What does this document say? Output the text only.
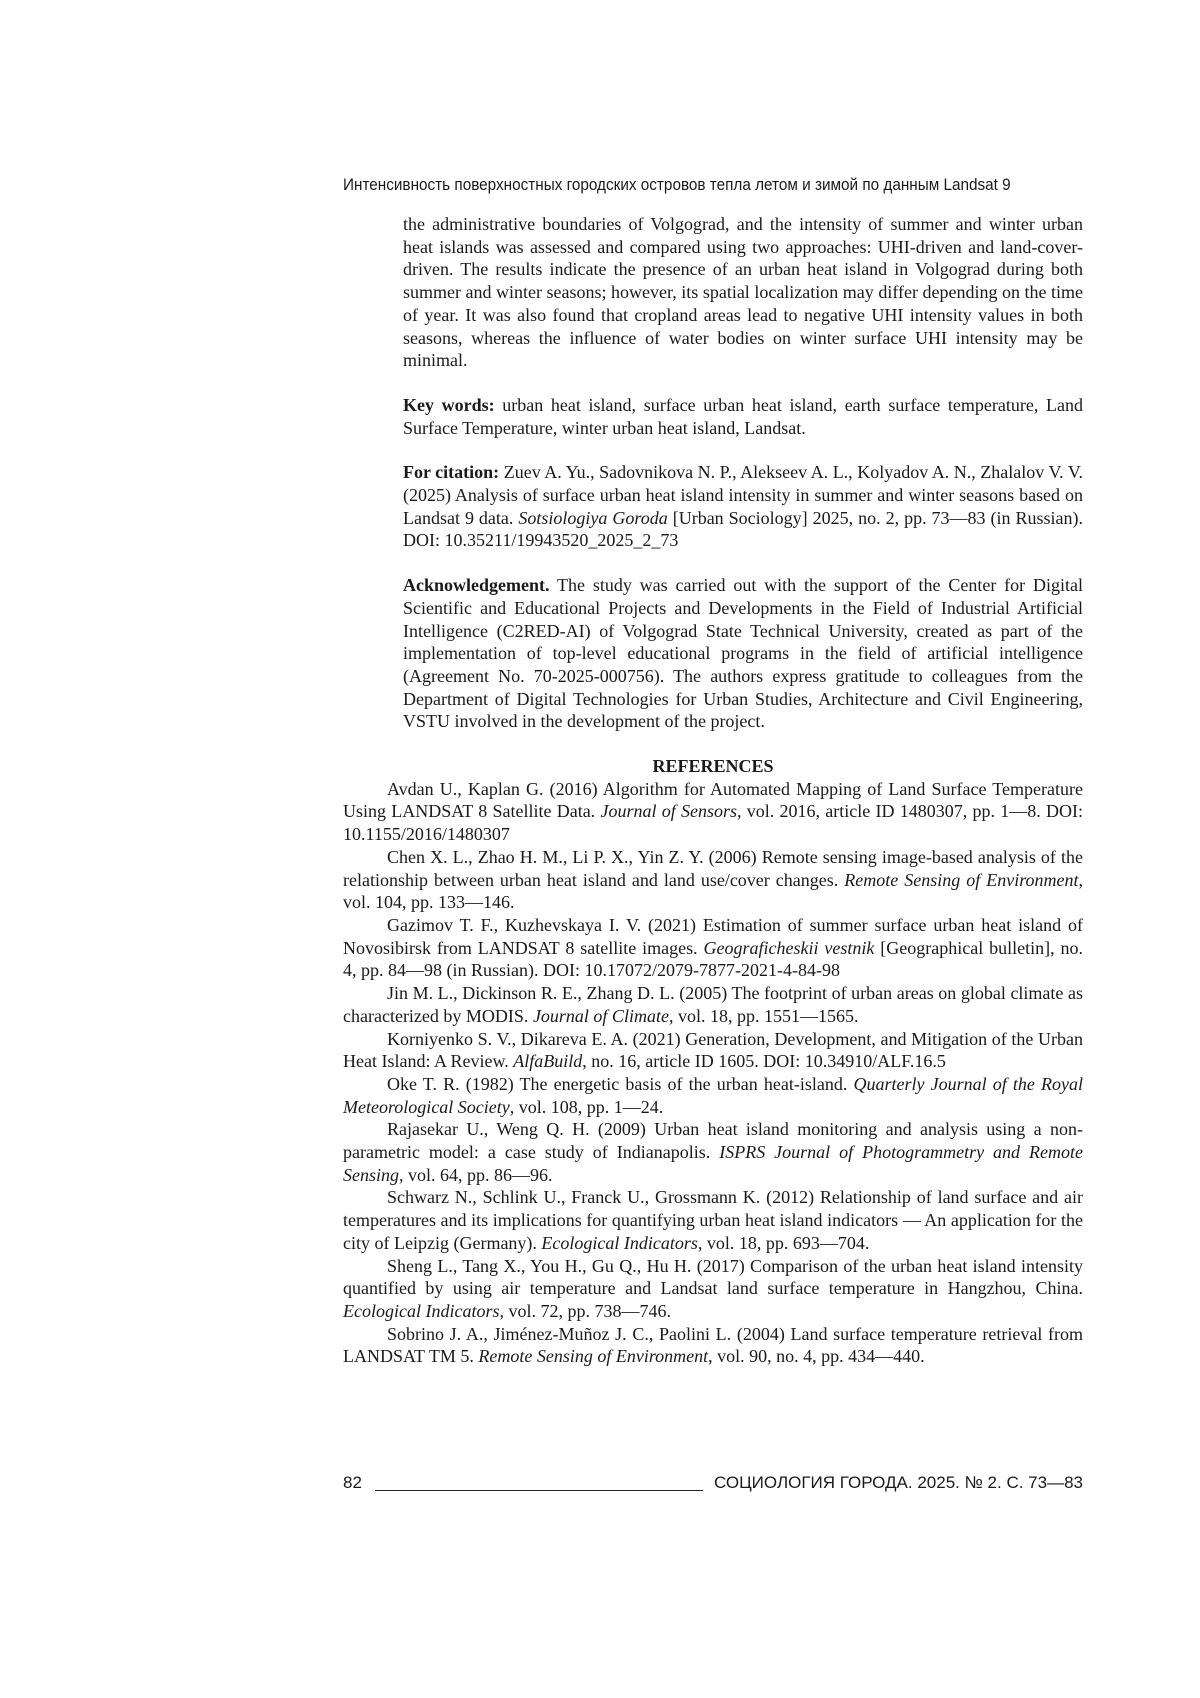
Интенсивность поверхностных городских островов тепла летом и зимой по данным Landsat 9

the administrative boundaries of Volgograd, and the intensity of summer and winter urban heat islands was assessed and compared using two approaches: UHI-driven and land-cover-driven. The results indicate the presence of an urban heat island in Volgograd during both summer and winter seasons; however, its spatial localization may differ depending on the time of year. It was also found that cropland areas lead to negative UHI intensity values in both seasons, whereas the influence of water bodies on winter surface UHI intensity may be minimal.

Key words: urban heat island, surface urban heat island, earth surface temperature, Land Surface Temperature, winter urban heat island, Landsat.

For citation: Zuev A. Yu., Sadovnikova N. P., Alekseev A. L., Kolyadov A. N., Zhalalov V. V. (2025) Analysis of surface urban heat island intensity in summer and winter seasons based on Landsat 9 data. Sotsiologiya Goroda [Urban Sociology] 2025, no. 2, pp. 73—83 (in Russian). DOI: 10.35211/19943520_2025_2_73

Acknowledgement. The study was carried out with the support of the Center for Digital Scientific and Educational Projects and Developments in the Field of Industrial Artificial Intelligence (C2RED-AI) of Volgograd State Technical University, created as part of the implementation of top-level educational programs in the field of artificial intelligence (Agreement No. 70-2025-000756). The authors express gratitude to colleagues from the Department of Digital Technologies for Urban Studies, Architecture and Civil Engineering, VSTU involved in the development of the project.

REFERENCES

Avdan U., Kaplan G. (2016) Algorithm for Automated Mapping of Land Surface Temperature Using LANDSAT 8 Satellite Data. Journal of Sensors, vol. 2016, article ID 1480307, pp. 1—8. DOI: 10.1155/2016/1480307

Chen X. L., Zhao H. M., Li P. X., Yin Z. Y. (2006) Remote sensing image-based analysis of the relationship between urban heat island and land use/cover changes. Remote Sensing of Environment, vol. 104, pp. 133—146.

Gazimov T. F., Kuzhevskaya I. V. (2021) Estimation of summer surface urban heat island of Novosibirsk from LANDSAT 8 satellite images. Geograficheskii vestnik [Geographical bulletin], no. 4, pp. 84—98 (in Russian). DOI: 10.17072/2079-7877-2021-4-84-98

Jin M. L., Dickinson R. E., Zhang D. L. (2005) The footprint of urban areas on global climate as characterized by MODIS. Journal of Climate, vol. 18, pp. 1551—1565.

Korniyenko S. V., Dikareva E. A. (2021) Generation, Development, and Mitigation of the Urban Heat Island: A Review. AlfaBuild, no. 16, article ID 1605. DOI: 10.34910/ALF.16.5

Oke T. R. (1982) The energetic basis of the urban heat-island. Quarterly Journal of the Royal Meteorological Society, vol. 108, pp. 1—24.

Rajasekar U., Weng Q. H. (2009) Urban heat island monitoring and analysis using a non-parametric model: a case study of Indianapolis. ISPRS Journal of Photogrammetry and Remote Sensing, vol. 64, pp. 86—96.

Schwarz N., Schlink U., Franck U., Grossmann K. (2012) Relationship of land surface and air temperatures and its implications for quantifying urban heat island indicators — An application for the city of Leipzig (Germany). Ecological Indicators, vol. 18, pp. 693—704.

Sheng L., Tang X., You H., Gu Q., Hu H. (2017) Comparison of the urban heat island intensity quantified by using air temperature and Landsat land surface temperature in Hangzhou, China. Ecological Indicators, vol. 72, pp. 738—746.

Sobrino J. A., Jiménez-Muñoz J. C., Paolini L. (2004) Land surface temperature retrieval from LANDSAT TM 5. Remote Sensing of Environment, vol. 90, no. 4, pp. 434—440.

82	СОЦИОЛОГИЯ ГОРОДА. 2025. № 2. С. 73—83
